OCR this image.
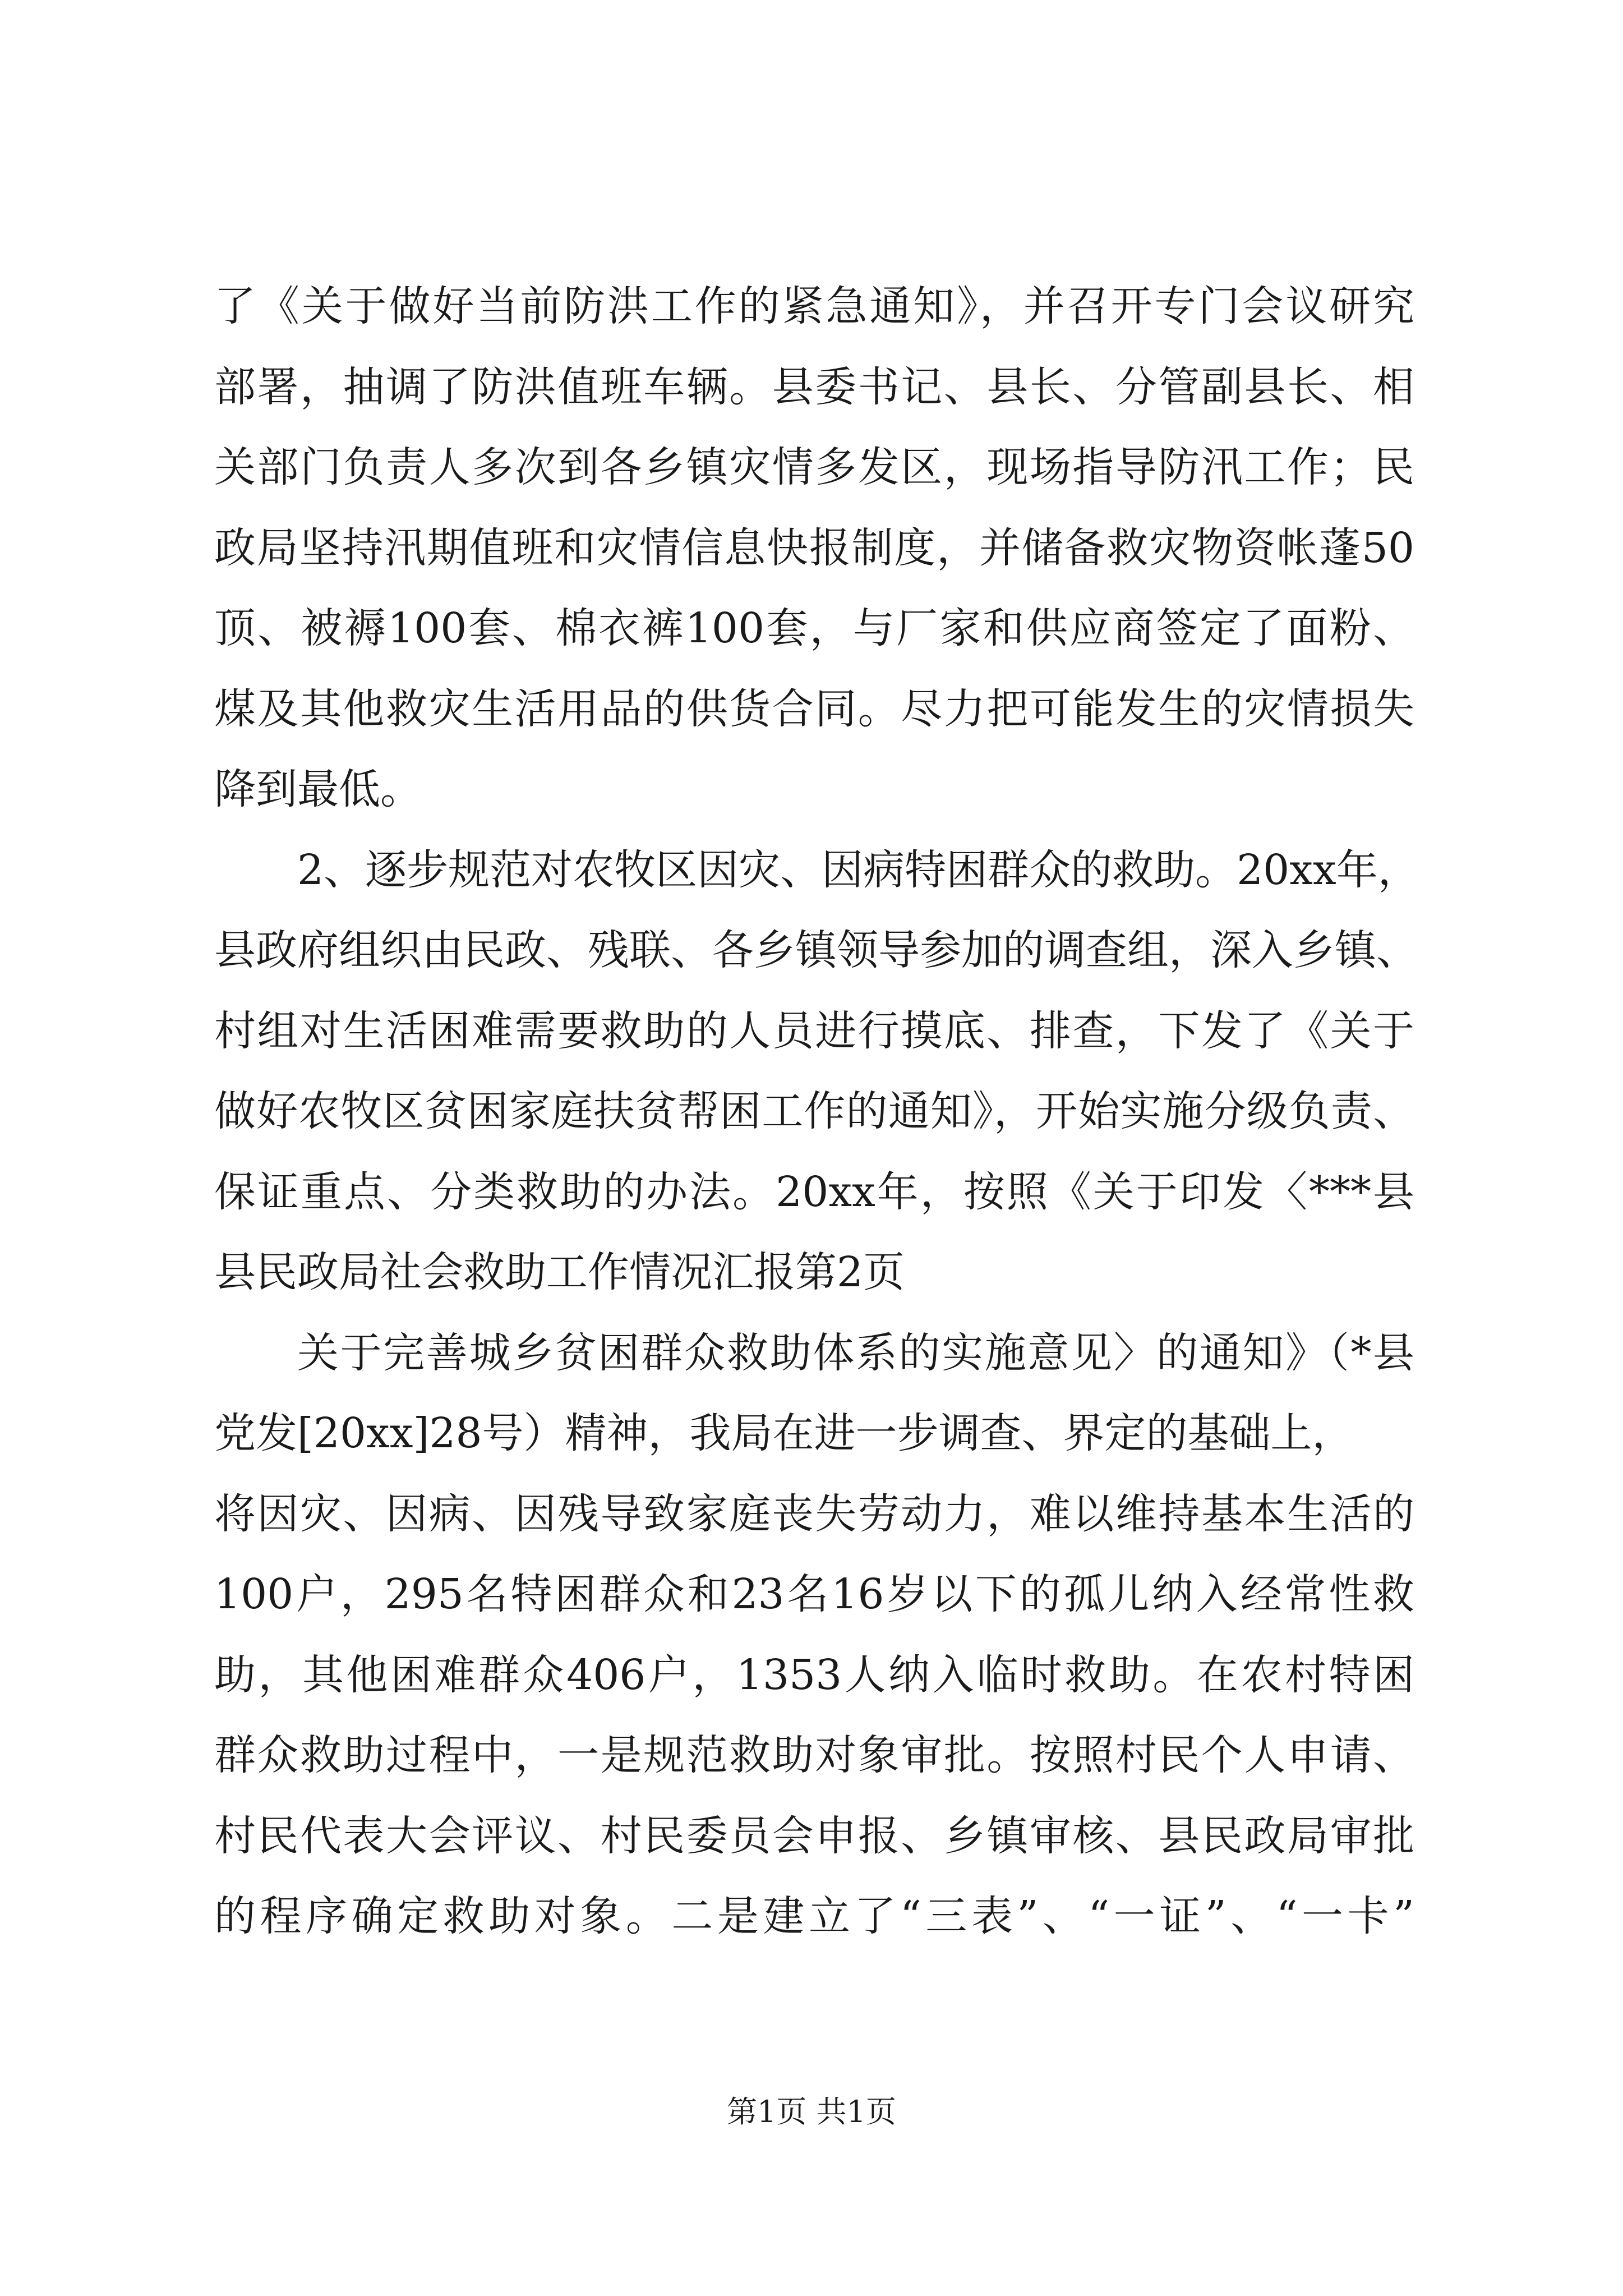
了《关于做好当前防洪工作的紧急通知》，并召开专门会议研究
部署，抽调了防洪值班车辆。县委书记、县长、分管副县长、相
关部门负责人多次到各乡镇灾情多发区，现场指导防汛工作；民
政局坚持汛期值班和灾情信息快报制度，并储备救灾物资帐蓬50
顶、被褥100套、棉衣裤100套，与厂家和供应商签定了面粉、
煤及其他救灾生活用品的供货合同。尽力把可能发生的灾情损失
降到最低。
2、逐步规范对农牧区因灾、因病特困群众的救助。20xx年，
县政府组织由民政、残联、各乡镇领导参加的调查组，深入乡镇、
村组对生活困难需要救助的人员进行摸底、排查，下发了《关于
做好农牧区贫困家庭扶贫帮困工作的通知》，开始实施分级负责、
保证重点、分类救助的办法。20xx年，按照《关于印发〈***县
县民政局社会救助工作情况汇报第2页
关于完善城乡贫困群众救助体系的实施意见〉的通知》（*县
党发[20xx]28号）精神，我局在进一步调查、界定的基础上，
将因灾、因病、因残导致家庭丧失劳动力，难以维持基本生活的
100户，295名特困群众和23名16岁以下的孤儿纳入经常性救
助，其他困难群众406户，1353人纳入临时救助。在农村特困
群众救助过程中，一是规范救助对象审批。按照村民个人申请、
村民代表大会评议、村民委员会申报、乡镇审核、县民政局审批
的程序确定救助对象。二是建立了“三表”、“一证”、“一卡”
第1页 共1页
